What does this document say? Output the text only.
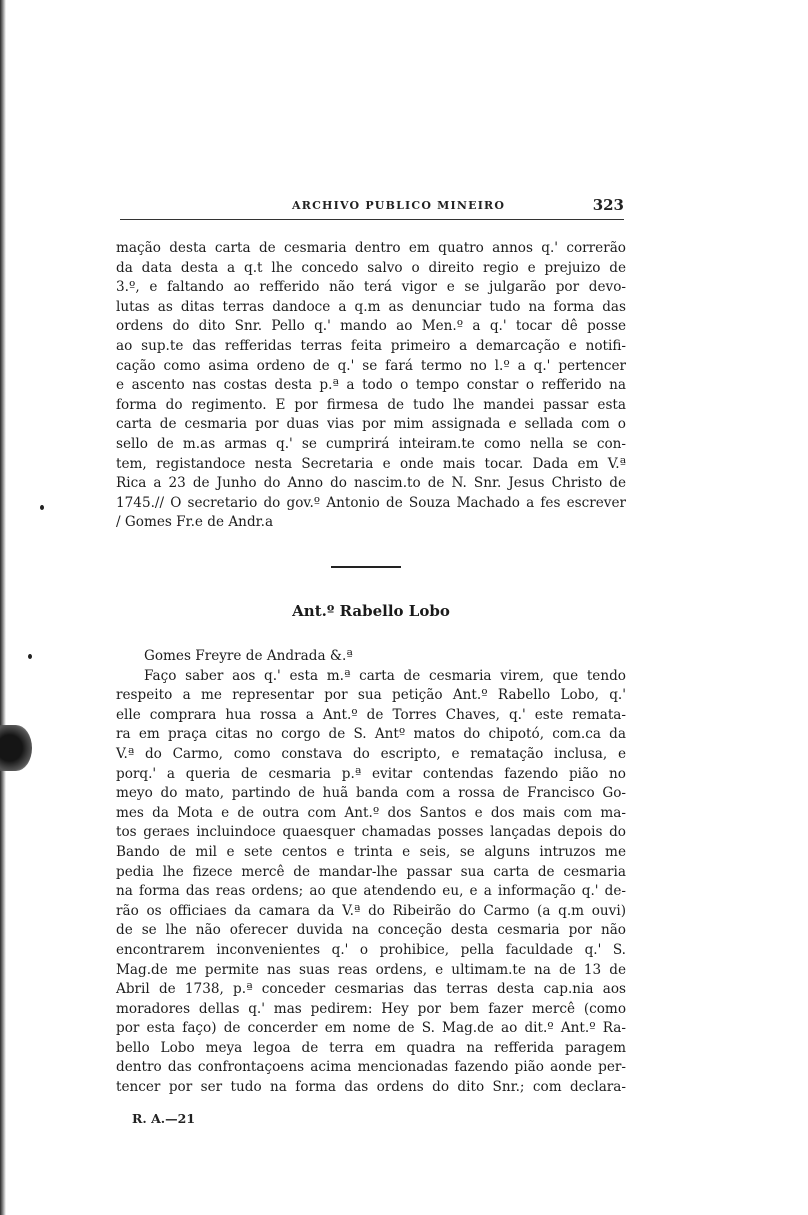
ARCHIVO PUBLICO MINEIRO	323
mação desta carta de cesmaria dentro em quatro annos q.' correrão
da data desta a q.t lhe concedo salvo o direito regio e prejuizo de
3.º, e faltando ao refferido não terá vigor e se julgarão por devo-
lutas as ditas terras dandoce a q.m as denunciar tudo na forma das
ordens do dito Snr. Pello q.' mando ao Men.º a q.' tocar dê posse
ao sup.te das refferidas terras feita primeiro a demarcação e notifi-
cação como asima ordeno de q.' se fará termo no l.º a q.' pertencer
e ascento nas costas desta p.ª a todo o tempo constar o refferido na
forma do regimento. E por firmesa de tudo lhe mandei passar esta
carta de cesmaria por duas vias por mim assignada e sellada com o
sello de m.as armas q.' se cumprirá inteiram.te como nella se con-
tem, registandoce nesta Secretaria e onde mais tocar. Dada em V.ª
Rica a 23 de Junho do Anno do nascim.to de N. Snr. Jesus Christo de
1745.// O secretario do gov.º Antonio de Souza Machado a fes escrever
/ Gomes Fr.e de Andr.a
Ant.º Rabello Lobo
Gomes Freyre de Andrada &.ª
Faço saber aos q.' esta m.ª carta de cesmaria virem, que tendo
respeito a me representar por sua petição Ant.º Rabello Lobo, q.'
elle comprara hua rossa a Ant.º de Torres Chaves, q.' este remata-
ra em praça citas no corgo de S. Antº matos do chipotó, com.ca da
V.ª do Carmo, como constava do escripto, e rematação inclusa, e
porq.' a queria de cesmaria p.ª evitar contendas fazendo pião no
meyo do mato, partindo de huã banda com a rossa de Francisco Go-
mes da Mota e de outra com Ant.º dos Santos e dos mais com ma-
tos geraes incluindoce quaesquer chamadas posses lançadas depois do
Bando de mil e sete centos e trinta e seis, se alguns intruzos me
pedia lhe fizece mercê de mandar-lhe passar sua carta de cesmaria
na forma das reas ordens; ao que atendendo eu, e a informação q.' de-
rão os officiaes da camara da V.ª do Ribeirão do Carmo (a q.m ouvi)
de se lhe não oferecer duvida na conceção desta cesmaria por não
encontrarem inconvenientes q.' o prohibice, pella faculdade q.' S.
Mag.de me permite nas suas reas ordens, e ultimam.te na de 13 de
Abril de 1738, p.ª conceder cesmarias das terras desta cap.nia aos
moradores dellas q.' mas pedirem: Hey por bem fazer mercê (como
por esta faço) de concerder em nome de S. Mag.de ao dit.º Ant.º Ra-
bello Lobo meya legoa de terra em quadra na refferida paragem
dentro das confrontaçoens acima mencionadas fazendo pião aonde per-
tencer por ser tudo na forma das ordens do dito Snr.; com declara-
R. A.—21
